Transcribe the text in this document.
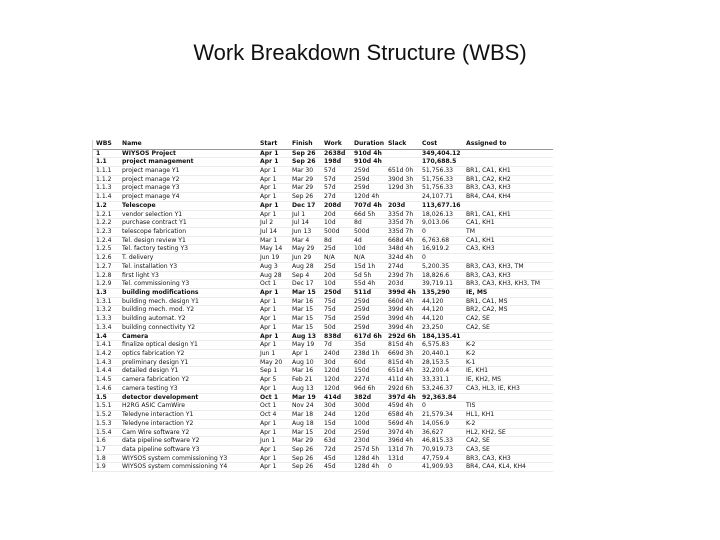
Work Breakdown Structure (WBS)
WBS	Name	Start	Finish	Work	Duration	Slack	Cost	Assigned to
1	WIYSOS Project	Apr 1	Sep 26	2638d	910d 4h		349,404.12	
1.1	project management	Apr 1	Sep 26	198d	910d 4h		170,688.5	
1.1.1	project manage Y1	Apr 1	Mar 30	57d	259d	651d 0h	51,756.33	BR1, CA1, KH1
1.1.2	project manage Y2	Apr 1	Mar 29	57d	259d	390d 3h	51,756.33	BR1, CA2, KH2
1.1.3	project manage Y3	Apr 1	Mar 29	57d	259d	129d 3h	51,756.33	BR3, CA3, KH3
1.1.4	project manage Y4	Apr 1	Sep 26	27d	120d 4h		24,107.71	BR4, CA4, KH4
1.2	Telescope	Apr 1	Dec 17	208d	707d 4h	203d	113,677.16	
1.2.1	vendor selection Y1	Apr 1	Jul 1	20d	66d 5h	335d 7h	18,026.13	BR1, CA1, KH1
1.2.2	purchase contract Y1	Jul 2	Jul 14	10d	8d	335d 7h	9,013.06	CA1, KH1
1.2.3	telescope fabrication	Jul 14	Jun 13	500d	500d	335d 7h	0	TM
1.2.4	Tel. design review Y1	Mar 1	Mar 4	8d	4d	668d 4h	6,763.68	CA1, KH1
1.2.5	Tel. factory testing Y3	May 14	May 29	25d	10d	348d 4h	16,919.2	CA3, KH3
1.2.6	T. delivery	Jun 19	Jun 29	N/A	N/A	324d 4h	0	
1.2.7	Tel. installation Y3	Aug 3	Aug 28	25d	15d 1h	274d	5,200.35	BR3, CA3, KH3, TM
1.2.8	first light Y3	Aug 28	Sep 4	20d	5d 5h	239d 7h	18,826.6	BR3, CA3, KH3
1.2.9	Tel. commissioning Y3	Oct 1	Dec 17	10d	55d 4h	203d	39,719.11	BR3, CA3, KH3, KH3, TM
1.3	building modifications	Apr 1	Mar 15	250d	511d	399d 4h	135,290	IE, MS
1.3.1	building mech. design Y1	Apr 1	Mar 16	75d	259d	660d 4h	44,120	BR1, CA1, MS
1.3.2	building mech. mod. Y2	Apr 1	Mar 15	75d	259d	399d 4h	44,120	BR2, CA2, MS
1.3.3	building automat. Y2	Apr 1	Mar 15	75d	259d	399d 4h	44,120	CA2, SE
1.3.4	building connectivity Y2	Apr 1	Mar 15	50d	259d	399d 4h	23,250	CA2, SE
1.4	Camera	Apr 1	Aug 13	838d	617d 6h	292d 6h	184,135.41	
1.4.1	finalize optical design Y1	Apr 1	May 19	7d	35d	815d 4h	6,575.83	K-2
1.4.2	optics fabrication Y2	Jun 1	Apr 1	240d	238d 1h	669d 3h	20,440.1	K-2
1.4.3	preliminary design Y1	May 20	Aug 10	30d	60d	815d 4h	28,153.5	K-1
1.4.4	detailed design Y1	Sep 1	Mar 16	120d	150d	651d 4h	32,200.4	IE, KH1
1.4.5	camera fabrication Y2	Apr 5	Feb 21	120d	227d	411d 4h	33,331.1	IE, KH2, MS
1.4.6	camera testing Y3	Apr 1	Aug 13	120d	96d 6h	292d 6h	53,246.37	CA3, HL3, IE, KH3
1.5	detector development	Oct 1	Mar 19	414d	382d	397d 4h	92,363.84	
1.5.1	H2RG ASIC CamWire	Oct 1	Nov 24	30d	300d	459d 4h	0	TIS
1.5.2	Teledyne interaction Y1	Oct 4	Mar 18	24d	120d	658d 4h	21,579.34	HL1, KH1
1.5.3	Teledyne interaction Y2	Apr 1	Aug 18	15d	100d	569d 4h	14,056.9	K-2
1.5.4	Cam Wire software Y2	Apr 1	Mar 15	20d	259d	397d 4h	36,627	HL2, KH2, SE
1.6	data pipeline software Y2	Jun 1	Mar 29	63d	230d	396d 4h	46,815.33	CA2, SE
1.7	data pipeline software Y3	Apr 1	Sep 26	72d	257d 5h	131d 7h	70,919.73	CA3, SE
1.8	WIYSOS system commissioning Y3	Apr 1	Sep 26	45d	128d 4h	131d	47,759.4	BR3, CA3, KH3
1.9	WIYSOS system commissioning Y4	Apr 1	Sep 26	45d	128d 4h	0	41,909.93	BR4, CA4, KL4, KH4
